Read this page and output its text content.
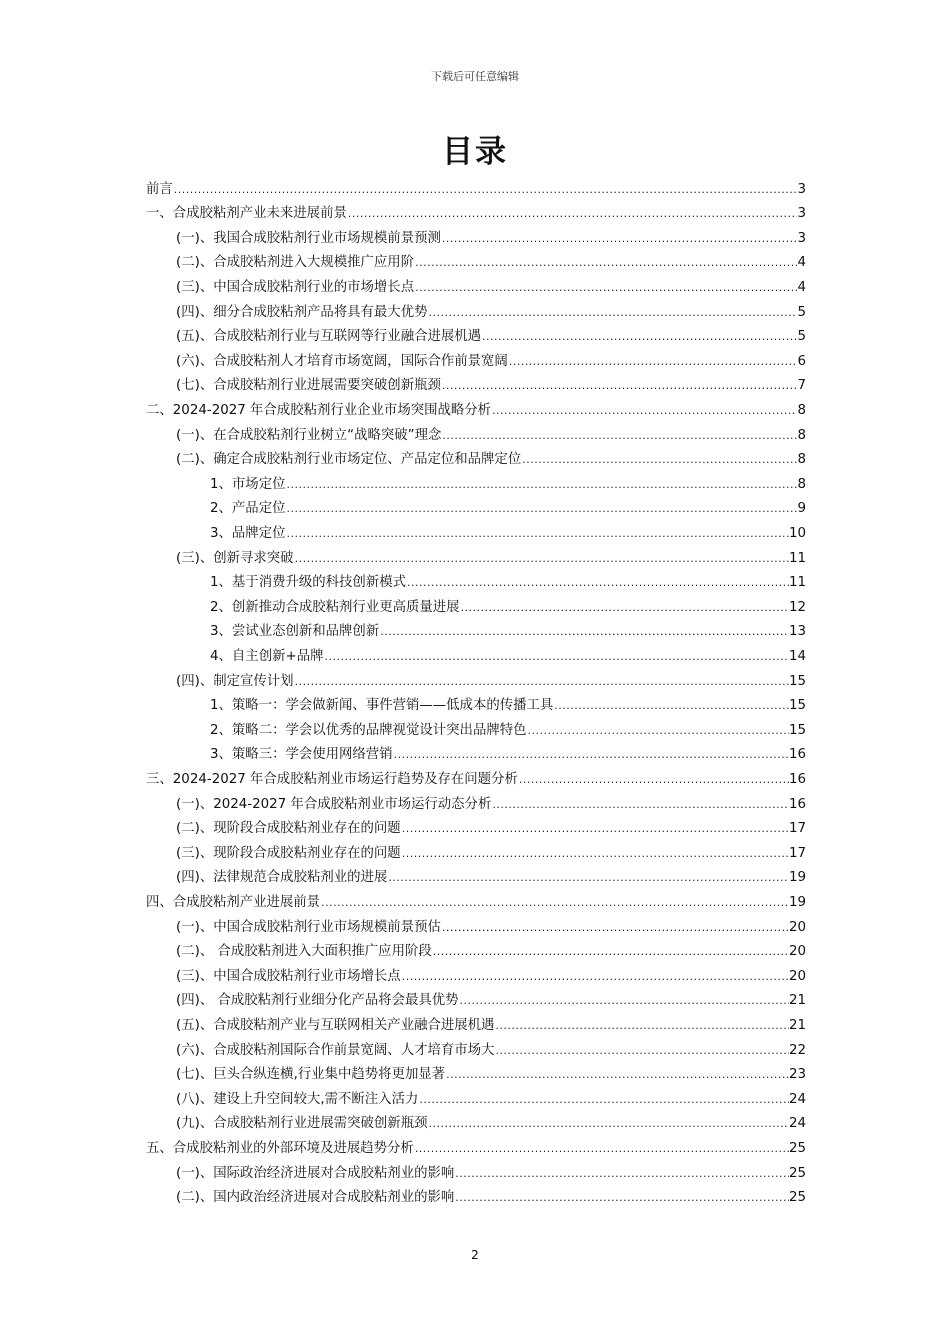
下载后可任意编辑
目录
前言 .....	3
一、合成胶粘剂产业未来进展前景 .....	3
(一)、我国合成胶粘剂行业市场规模前景预测 .....	3
(二)、合成胶粘剂进入大规模推广应用阶 .....	4
(三)、中国合成胶粘剂行业的市场增长点 .....	4
(四)、细分合成胶粘剂产品将具有最大优势 .....	5
(五)、合成胶粘剂行业与互联网等行业融合进展机遇 .....	5
(六)、合成胶粘剂人才培育市场宽阔，国际合作前景宽阔 .....	6
(七)、合成胶粘剂行业进展需要突破创新瓶颈 .....	7
二、2024-2027 年合成胶粘剂行业企业市场突围战略分析 .....	8
(一)、在合成胶粘剂行业树立“战略突破”理念 .....	8
(二)、确定合成胶粘剂行业市场定位、产品定位和品牌定位 .....	8
1、市场定位 .....	8
2、产品定位 .....	9
3、品牌定位 .....	10
(三)、创新寻求突破 .....	11
1、基于消费升级的科技创新模式 .....	11
2、创新推动合成胶粘剂行业更高质量进展 .....	12
3、尝试业态创新和品牌创新 .....	13
4、自主创新+品牌 .....	14
(四)、制定宣传计划 .....	15
1、策略一：学会做新闻、事件营销——低成本的传播工具 .....	15
2、策略二：学会以优秀的品牌视觉设计突出品牌特色 .....	15
3、策略三：学会使用网络营销 .....	16
三、2024-2027 年合成胶粘剂业市场运行趋势及存在问题分析 .....	16
(一)、2024-2027 年合成胶粘剂业市场运行动态分析 .....	16
(二)、现阶段合成胶粘剂业存在的问题 .....	17
(三)、现阶段合成胶粘剂业存在的问题 .....	17
(四)、法律规范合成胶粘剂业的进展 .....	19
四、合成胶粘剂产业进展前景 .....	19
(一)、中国合成胶粘剂行业市场规模前景预估 .....	20
(二)、 合成胶粘剂进入大面积推广应用阶段 .....	20
(三)、中国合成胶粘剂行业市场增长点 .....	20
(四)、 合成胶粘剂行业细分化产品将会最具优势 .....	21
(五)、合成胶粘剂产业与互联网相关产业融合进展机遇 .....	21
(六)、合成胶粘剂国际合作前景宽阔、人才培育市场大 .....	22
(七)、巨头合纵连横,行业集中趋势将更加显著 .....	23
(八)、建设上升空间较大,需不断注入活力 .....	24
(九)、合成胶粘剂行业进展需突破创新瓶颈 .....	24
五、合成胶粘剂业的外部环境及进展趋势分析 .....	25
(一)、国际政治经济进展对合成胶粘剂业的影响 .....	25
(二)、国内政治经济进展对合成胶粘剂业的影响 .....	25
2
